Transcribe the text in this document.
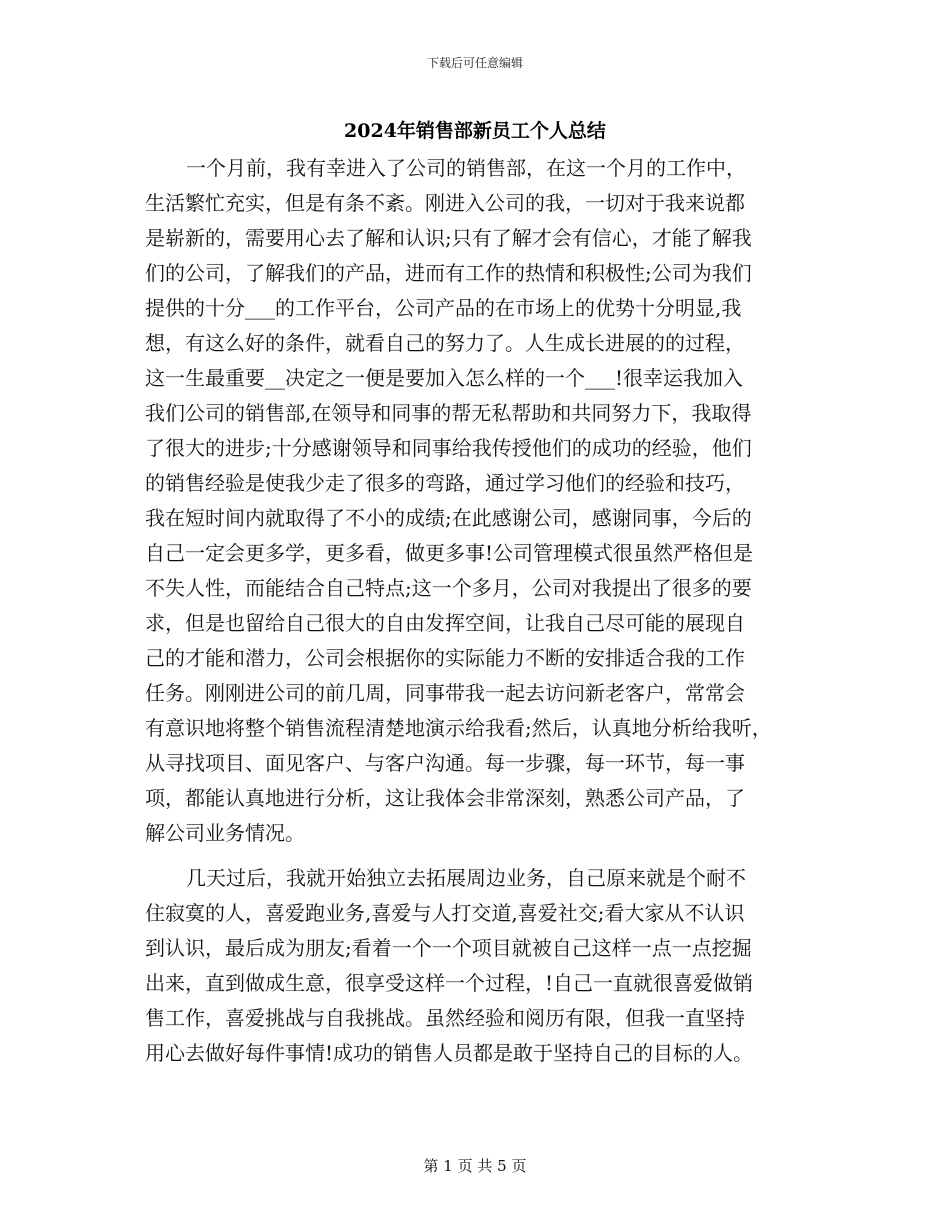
下载后可任意编辑
2024年销售部新员工个人总结
一个月前，我有幸进入了公司的销售部，在这一个月的工作中，
生活繁忙充实，但是有条不紊。刚进入公司的我，一切对于我来说都
是崭新的，需要用心去了解和认识;只有了解才会有信心，才能了解我
们的公司，了解我们的产品，进而有工作的热情和积极性;公司为我们
提供的十分___的工作平台，公司产品的在市场上的优势十分明显,我
想，有这么好的条件，就看自己的努力了。人生成长进展的的过程，
这一生最重要__决定之一便是要加入怎么样的一个___!很幸运我加入
我们公司的销售部,在领导和同事的帮无私帮助和共同努力下，我取得
了很大的进步;十分感谢领导和同事给我传授他们的成功的经验，他们
的销售经验是使我少走了很多的弯路，通过学习他们的经验和技巧，
我在短时间内就取得了不小的成绩;在此感谢公司，感谢同事，今后的
自己一定会更多学，更多看，做更多事!公司管理模式很虽然严格但是
不失人性，而能结合自己特点;这一个多月，公司对我提出了很多的要
求，但是也留给自己很大的自由发挥空间，让我自己尽可能的展现自
己的才能和潜力，公司会根据你的实际能力不断的安排适合我的工作
任务。刚刚进公司的前几周，同事带我一起去访问新老客户，常常会
有意识地将整个销售流程清楚地演示给我看;然后，认真地分析给我听，
从寻找项目、面见客户、与客户沟通。每一步骤，每一环节，每一事
项，都能认真地进行分析，这让我体会非常深刻，熟悉公司产品，了
解公司业务情况。
几天过后，我就开始独立去拓展周边业务，自己原来就是个耐不
住寂寞的人，喜爱跑业务,喜爱与人打交道,喜爱社交;看大家从不认识
到认识，最后成为朋友;看着一个一个项目就被自己这样一点一点挖掘
出来，直到做成生意，很享受这样一个过程，!自己一直就很喜爱做销
售工作，喜爱挑战与自我挑战。虽然经验和阅历有限，但我一直坚持
用心去做好每件事情!成功的销售人员都是敢于坚持自己的目标的人。
第 1 页 共 5 页
